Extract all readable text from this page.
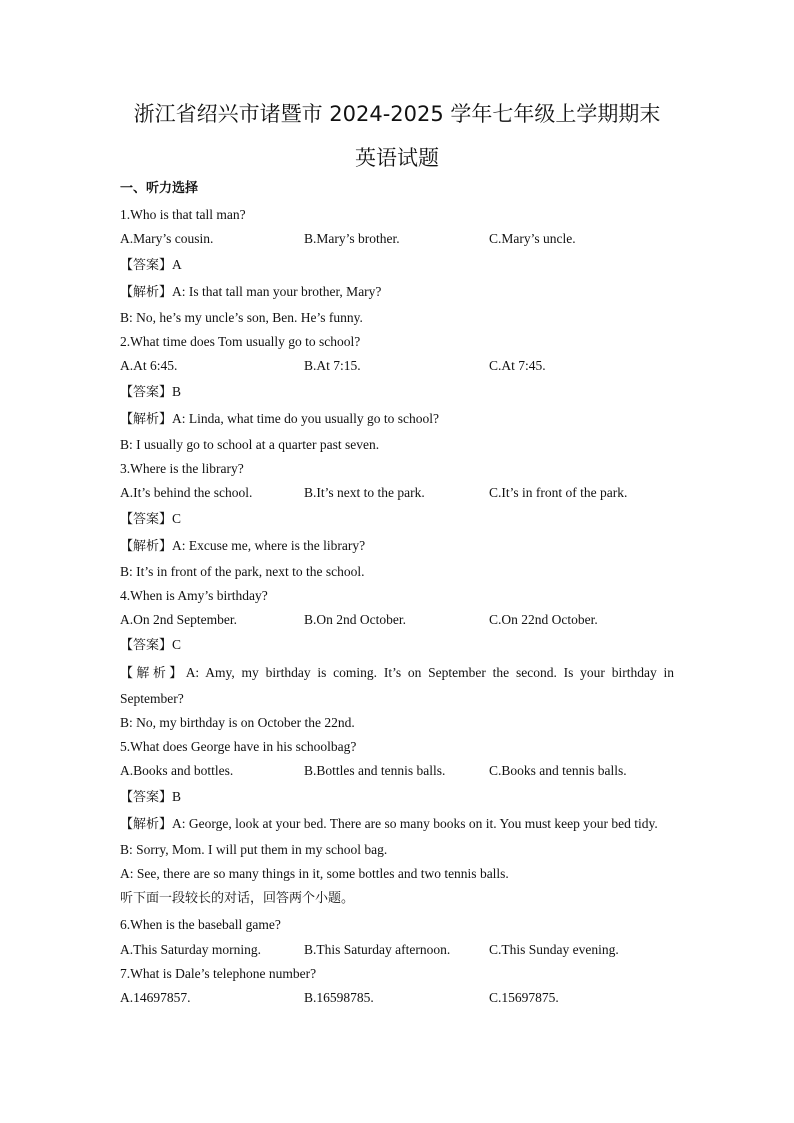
浙江省绍兴市诸暨市 2024-2025 学年七年级上学期期末
英语试题
一、听力选择
1.Who is that tall man?
A.Mary’s cousin.	B.Mary’s brother.	C.Mary’s uncle.
【答案】A
【解析】A: Is that tall man your brother, Mary?
B: No, he’s my uncle’s son, Ben. He’s funny.
2.What time does Tom usually go to school?
A.At 6:45.	B.At 7:15.	C.At 7:45.
【答案】B
【解析】A: Linda, what time do you usually go to school?
B: I usually go to school at a quarter past seven.
3.Where is the library?
A.It’s behind the school.	B.It’s next to the park.	C.It’s in front of the park.
【答案】C
【解析】A: Excuse me, where is the library?
B: It’s in front of the park, next to the school.
4.When is Amy’s birthday?
A.On 2nd September.	B.On 2nd October.	C.On 22nd October.
【答案】C
【解析】A: Amy, my birthday is coming. It’s on September the second. Is your birthday in
September?
B: No, my birthday is on October the 22nd.
5.What does George have in his schoolbag?
A.Books and bottles.	B.Bottles and tennis balls.	C.Books and tennis balls.
【答案】B
【解析】A: George, look at your bed. There are so many books on it. You must keep your bed tidy.
B: Sorry, Mom. I will put them in my school bag.
A: See, there are so many things in it, some bottles and two tennis balls.
听下面一段较长的对话，回答两个小题。
6.When is the baseball game?
A.This Saturday morning.	B.This Saturday afternoon.	C.This Sunday evening.
7.What is Dale’s telephone number?
A.14697857.	B.16598785.	C.15697875.
